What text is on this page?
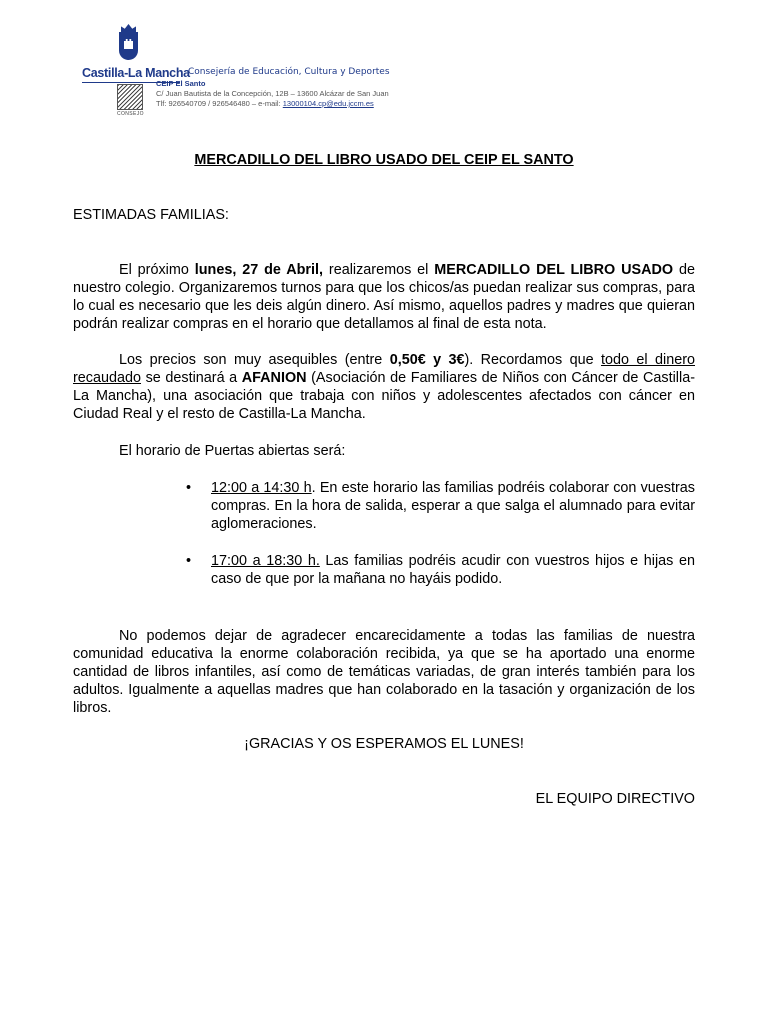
Castilla-La Mancha
Consejería de Educación, Cultura y Deportes
CONSEJO
CEIP El Santo
C/ Juan Bautista de la Concepción, 12B – 13600 Alcázar de San Juan
Tlf: 926540709 / 926546480 – e-mail: 13000104.cp@edu.jccm.es
MERCADILLO DEL LIBRO USADO DEL CEIP EL SANTO
ESTIMADAS FAMILIAS:
El próximo lunes, 27 de Abril, realizaremos el MERCADILLO DEL LIBRO USADO de nuestro colegio. Organizaremos turnos para que los chicos/as puedan realizar sus compras, para lo cual es necesario que les deis algún dinero. Así mismo, aquellos padres y madres que quieran podrán realizar compras en el horario que detallamos al final de esta nota.
Los precios son muy asequibles (entre 0,50€ y 3€). Recordamos que todo el dinero recaudado se destinará a AFANION (Asociación de Familiares de Niños con Cáncer de Castilla-La Mancha), una asociación que trabaja con niños y adolescentes afectados con cáncer en Ciudad Real y el resto de Castilla-La Mancha.
El horario de Puertas abiertas será:
• 12:00 a 14:30 h. En este horario las familias podréis colaborar con vuestras compras. En la hora de salida, esperar a que salga el alumnado para evitar aglomeraciones.
• 17:00 a 18:30 h. Las familias podréis acudir con vuestros hijos e hijas en caso de que por la mañana no hayáis podido.
No podemos dejar de agradecer encarecidamente a todas las familias de nuestra comunidad educativa la enorme colaboración recibida, ya que se ha aportado una enorme cantidad de libros infantiles, así como de temáticas variadas, de gran interés también para los adultos. Igualmente a aquellas madres que han colaborado en la tasación y organización de los libros.
¡GRACIAS Y OS ESPERAMOS EL LUNES!
EL EQUIPO DIRECTIVO
